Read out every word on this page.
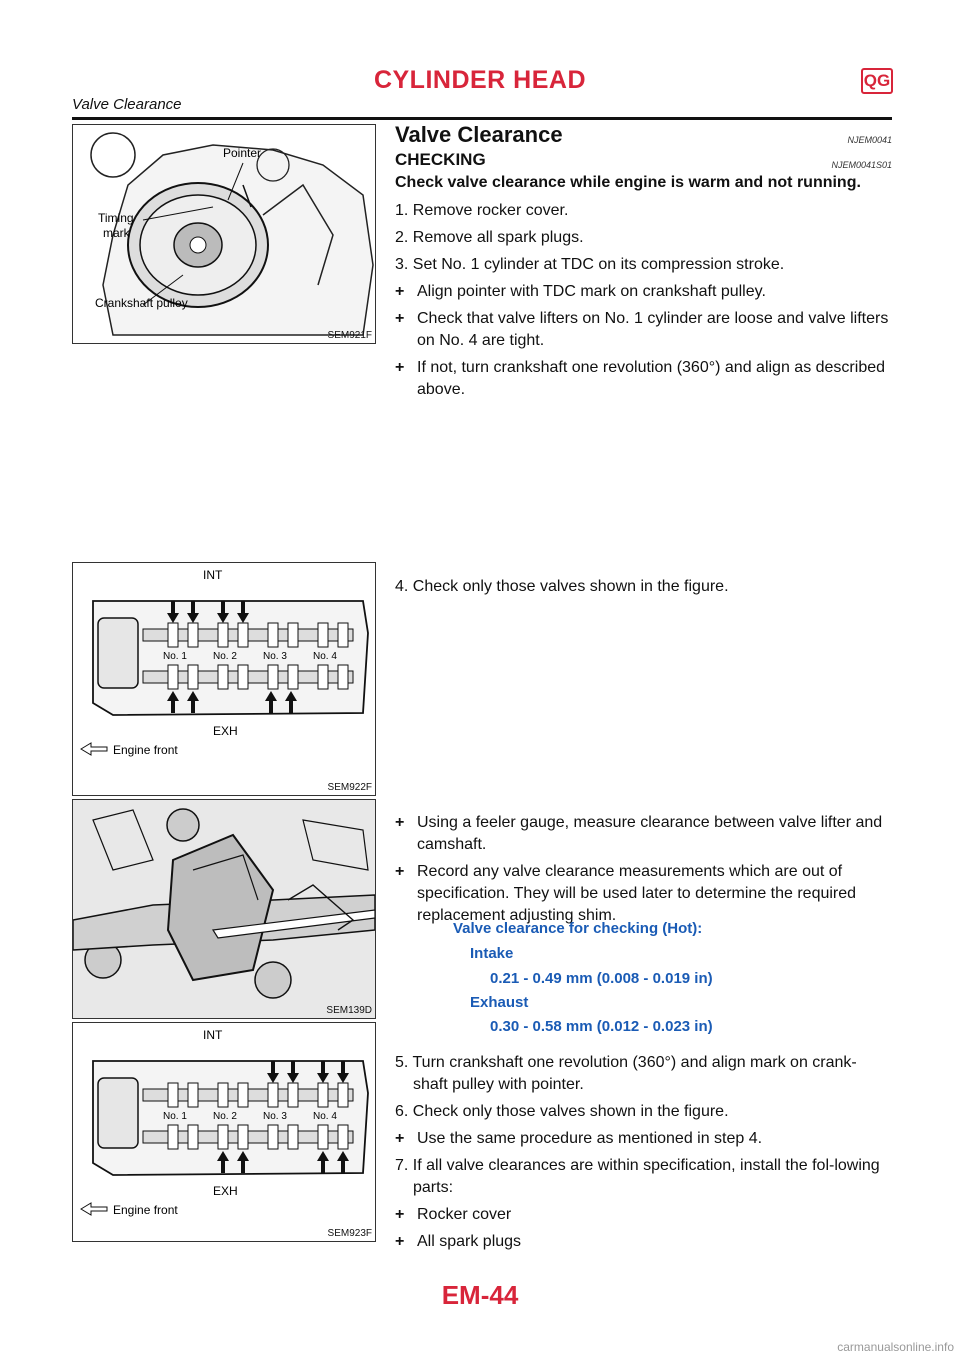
CYLINDER HEAD	QG
Valve Clearance
Pointer
Timing
mark
Crankshaft pulley
SEM921F
INT
No. 1	No. 2	No. 3	No. 4
EXH
Engine front
SEM922F
SEM139D
INT
No. 1	No. 2	No. 3	No. 4
EXH
Engine front
SEM923F
Valve Clearance	NJEM0041
CHECKING	NJEM0041S01
Check valve clearance while engine is warm and not running.
1. Remove rocker cover.
2. Remove all spark plugs.
3. Set No. 1 cylinder at TDC on its compression stroke.
+ Align pointer with TDC mark on crankshaft pulley.
+ Check that valve lifters on No. 1 cylinder are loose and valve lifters on No. 4 are tight.
+ If not, turn crankshaft one revolution (360°) and align as described above.
4. Check only those valves shown in the figure.
+ Using a feeler gauge, measure clearance between valve lifter and camshaft.
+ Record any valve clearance measurements which are out of specification. They will be used later to determine the required replacement adjusting shim.
Valve clearance for checking (Hot):
Intake
0.21 - 0.49 mm (0.008 - 0.019 in)
Exhaust
0.30 - 0.58 mm (0.012 - 0.023 in)
5. Turn crankshaft one revolution (360°) and align mark on crank-shaft pulley with pointer.
6. Check only those valves shown in the figure.
+ Use the same procedure as mentioned in step 4.
7. If all valve clearances are within specification, install the fol-lowing parts:
+ Rocker cover
+ All spark plugs
EM-44
carmanualsonline.info
